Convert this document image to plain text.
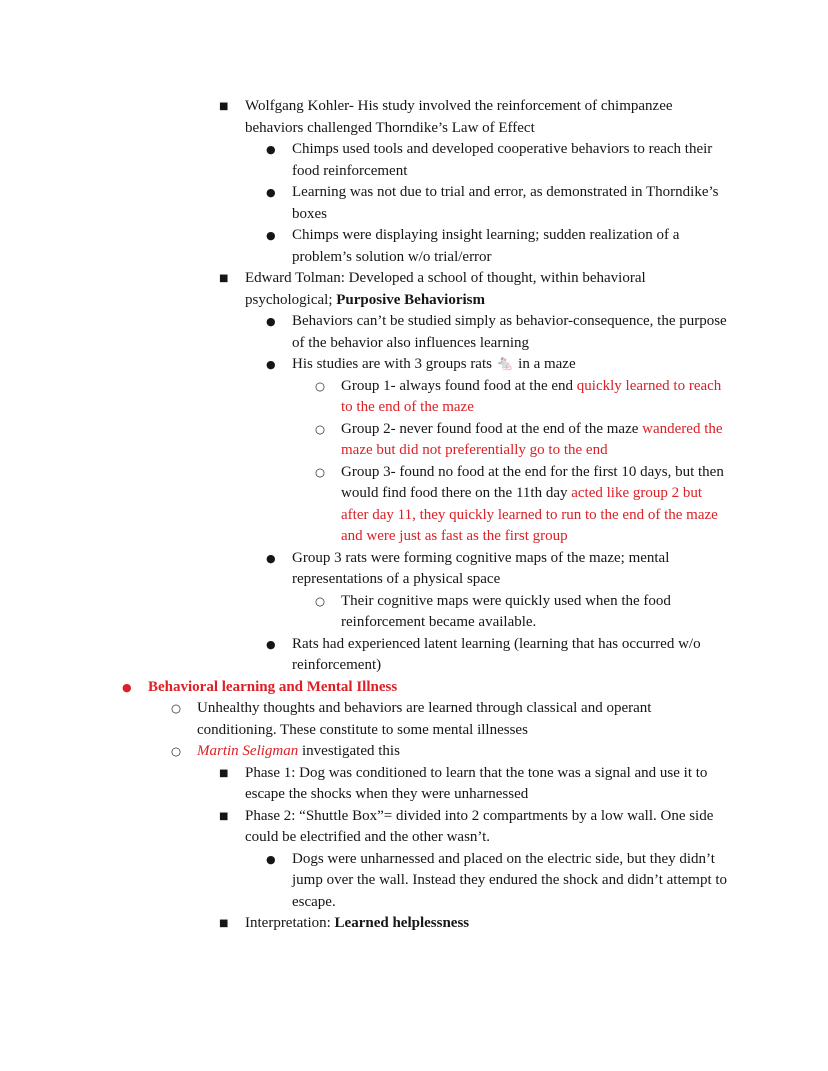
■	Wolfgang Kohler- His study involved the reinforcement of chimpanzee behaviors challenged Thorndike’s Law of Effect
●	Chimps used tools and developed cooperative behaviors to reach their food reinforcement
●	Learning was not due to trial and error, as demonstrated in Thorndike’s boxes
●	Chimps were displaying insight learning; sudden realization of a problem’s solution w/o trial/error
■	Edward Tolman: Developed a school of thought, within behavioral psychological; Purposive Behaviorism
●	Behaviors can’t be studied simply as behavior-consequence, the purpose of the behavior also influences learning
●	His studies are with 3 groups rats 🐁 in a maze
○	Group 1- always found food at the end quickly learned to reach to the end of the maze
○	Group 2- never found food at the end of the maze wandered the maze but did not preferentially go to the end
○	Group 3- found no food at the end for the first 10 days, but then would find food there on the 11th day acted like group 2 but after day 11, they quickly learned to run to the end of the maze and were just as fast as the first group
●	Group 3 rats were forming cognitive maps of the maze; mental representations of a physical space
○	Their cognitive maps were quickly used when the food reinforcement became available.
●	Rats had experienced latent learning (learning that has occurred w/o reinforcement)
●	Behavioral learning and Mental Illness
○	Unhealthy thoughts and behaviors are learned through classical and operant conditioning. These constitute to some mental illnesses
○	Martin Seligman investigated this
■	Phase 1: Dog was conditioned to learn that the tone was a signal and use it to escape the shocks when they were unharnessed
■	Phase 2: “Shuttle Box”= divided into 2 compartments by a low wall. One side could be electrified and the other wasn’t.
●	Dogs were unharnessed and placed on the electric side, but they didn’t jump over the wall. Instead they endured the shock and didn’t attempt to escape.
■	Interpretation: Learned helplessness
